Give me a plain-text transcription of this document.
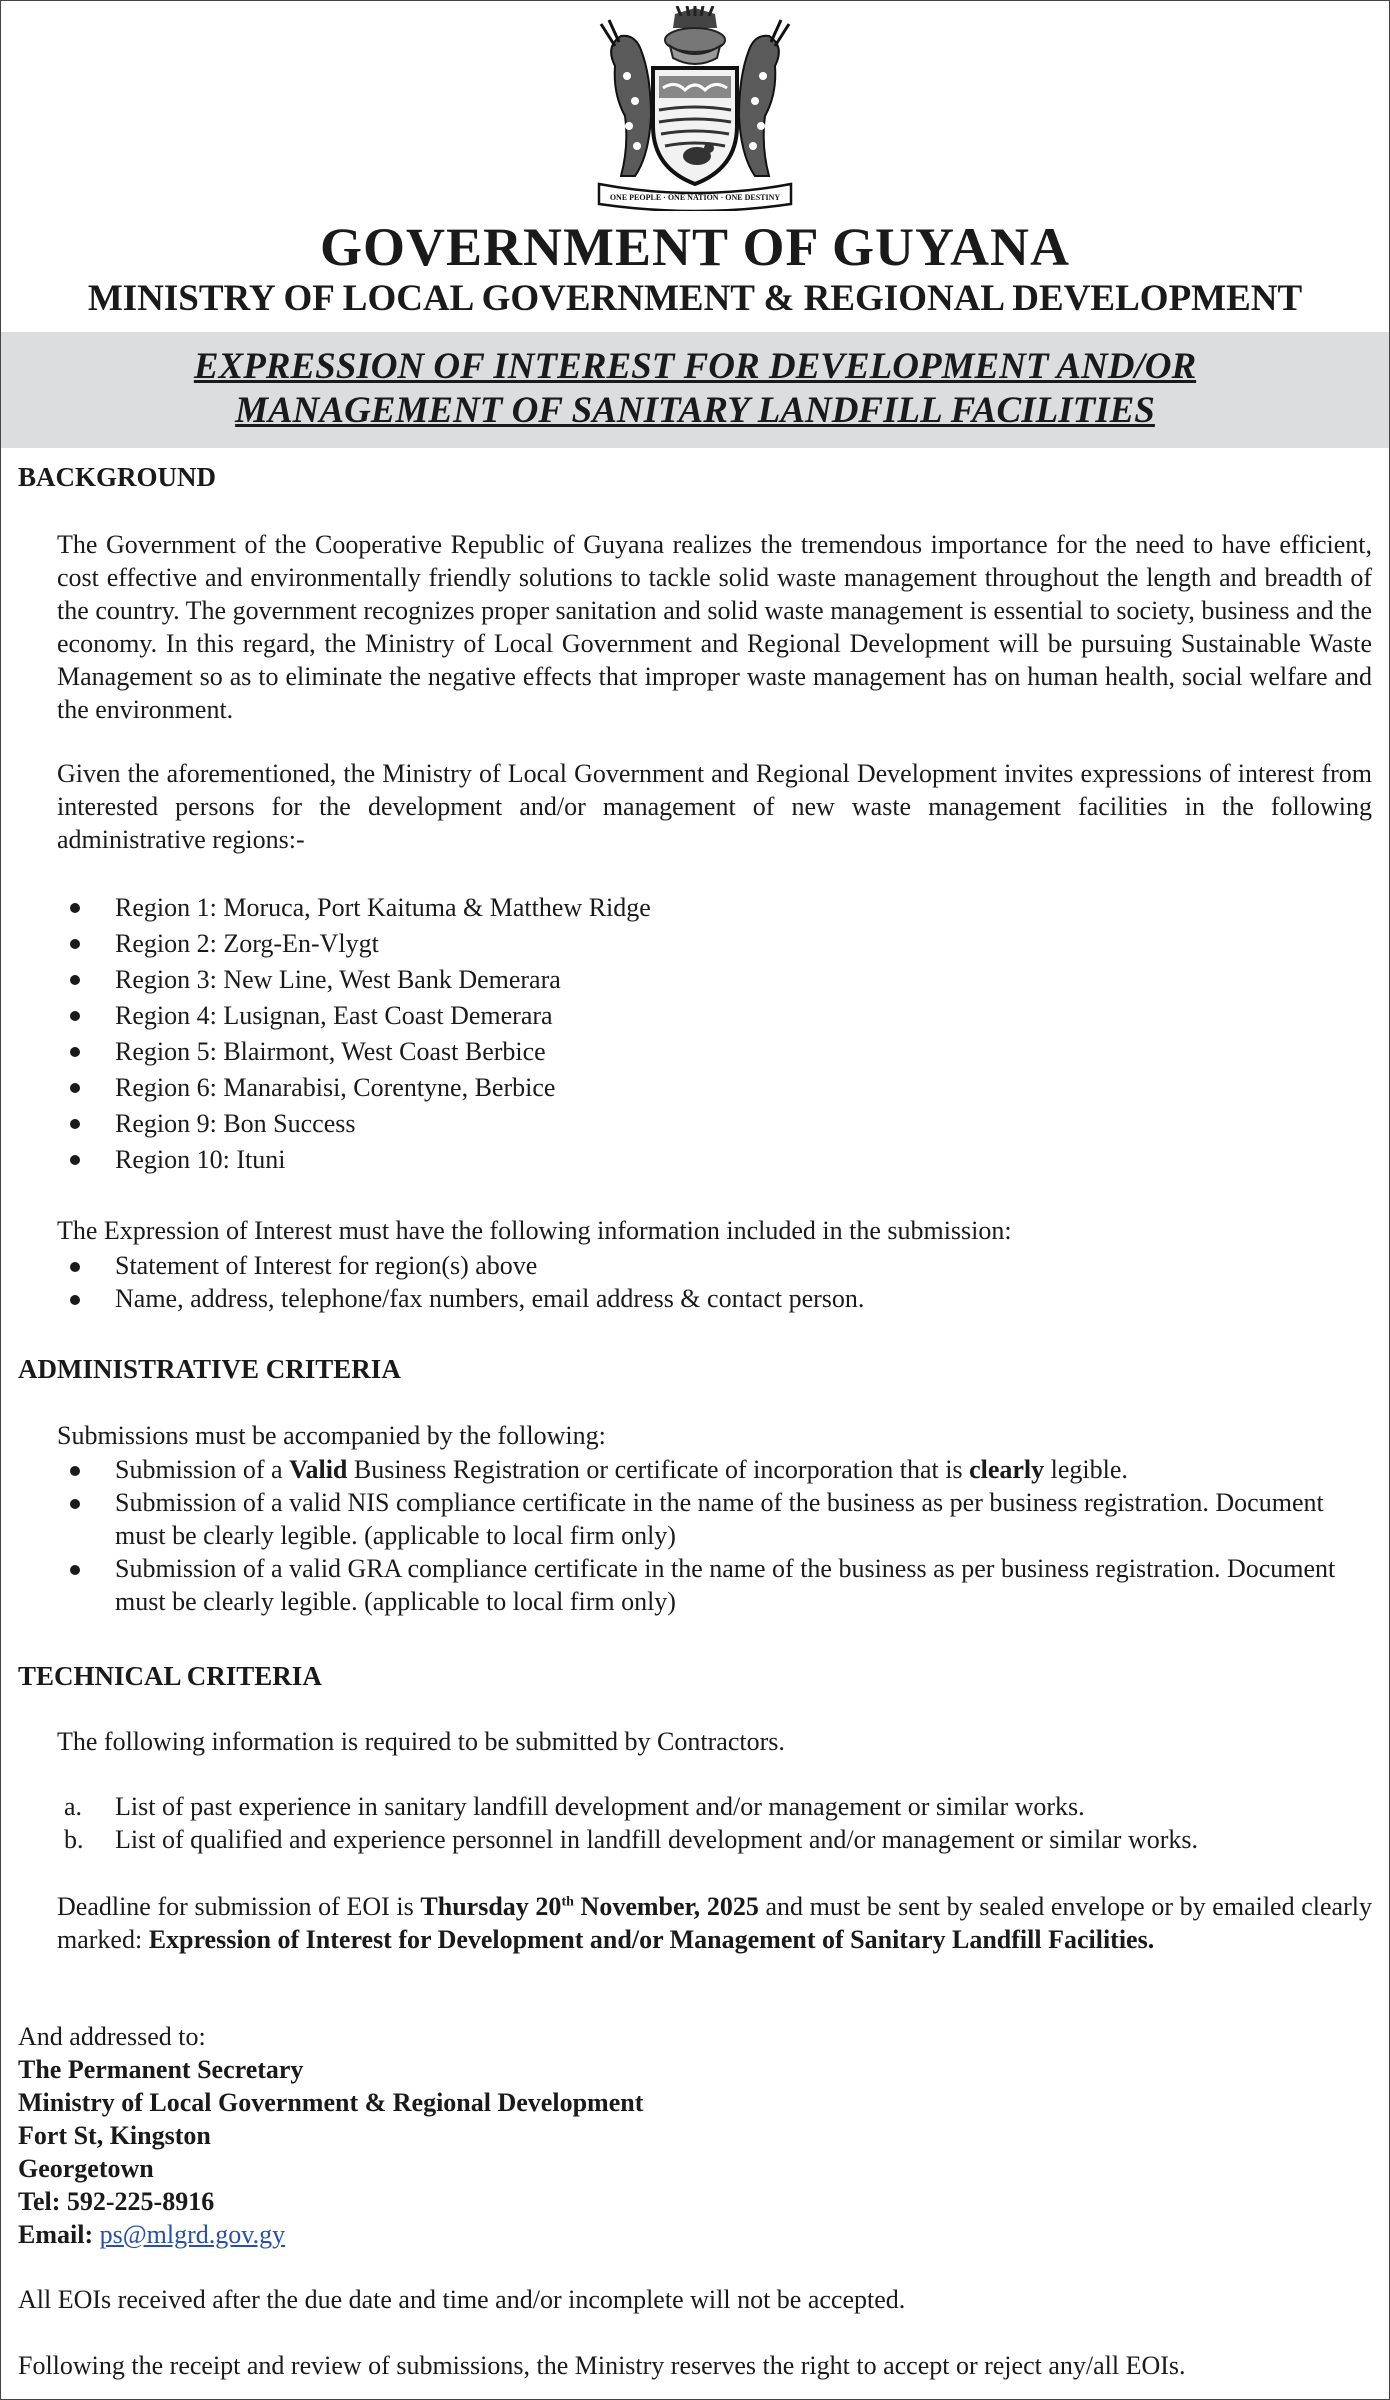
ONE PEOPLE · ONE NATION · ONE DESTINY
GOVERNMENT OF GUYANA
MINISTRY OF LOCAL GOVERNMENT & REGIONAL DEVELOPMENT
EXPRESSION OF INTEREST FOR DEVELOPMENT AND/OR
MANAGEMENT OF SANITARY LANDFILL FACILITIES
BACKGROUND

The Government of the Cooperative Republic of Guyana realizes the tremendous importance for the need to have efficient, cost effective and environmentally friendly solutions to tackle solid waste management throughout the length and breadth of the country. The government recognizes proper sanitation and solid waste management is essential to society, business and the economy. In this regard, the Ministry of Local Government and Regional Development will be pursuing Sustainable Waste Management so as to eliminate the negative effects that improper waste management has on human health, social welfare and the environment.

Given the aforementioned, the Ministry of Local Government and Regional Development invites expressions of interest from interested persons for the development and/or management of new waste management facilities in the following administrative regions:-

Region 1: Moruca, Port Kaituma & Matthew Ridge
Region 2: Zorg-En-Vlygt
Region 3: New Line, West Bank Demerara
Region 4: Lusignan, East Coast Demerara
Region 5: Blairmont, West Coast Berbice
Region 6: Manarabisi, Corentyne, Berbice
Region 9: Bon Success
Region 10: Ituni
The Expression of Interest must have the following information included in the submission:
Statement of Interest for region(s) above
Name, address, telephone/fax numbers, email address & contact person.
ADMINISTRATIVE CRITERIA
Submissions must be accompanied by the following:
Submission of a Valid Business Registration or certificate of incorporation that is clearly legible.
Submission of a valid NIS compliance certificate in the name of the business as per business registration. Document must be clearly legible. (applicable to local firm only)
Submission of a valid GRA compliance certificate in the name of the business as per business registration. Document must be clearly legible. (applicable to local firm only)
TECHNICAL CRITERIA
The following information is required to be submitted by Contractors.
a. List of past experience in sanitary landfill development and/or management or similar works.
b. List of qualified and experience personnel in landfill development and/or management or similar works.

Deadline for submission of EOI is Thursday 20th November, 2025 and must be sent by sealed envelope or by emailed clearly marked: Expression of Interest for Development and/or Management of Sanitary Landfill Facilities.

And addressed to:
The Permanent Secretary
Ministry of Local Government & Regional Development
Fort St, Kingston
Georgetown
Tel: 592-225-8916
Email: ps@mlgrd.gov.gy
All EOIs received after the due date and time and/or incomplete will not be accepted.
Following the receipt and review of submissions, the Ministry reserves the right to accept or reject any/all EOIs.
